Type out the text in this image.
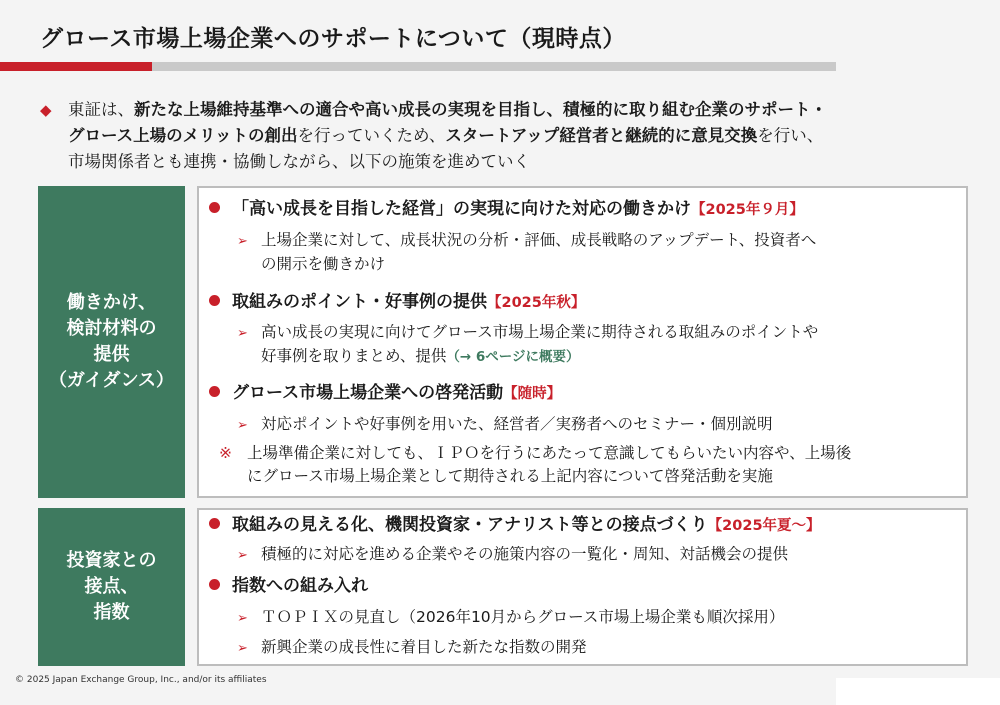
グロース市場上場企業へのサポートについて（現時点）
◆ 東証は、新たな上場維持基準への適合や高い成長の実現を目指し、積極的に取り組む企業のサポート・
グロース上場のメリットの創出を行っていくため、スタートアップ経営者と継続的に意見交換を行い、
市場関係者とも連携・協働しながら、以下の施策を進めていく
働きかけ、
検討材料の
提供
（ガイダンス）
「高い成長を目指した経営」の実現に向けた対応の働きかけ【2025年９月】
➢ 上場企業に対して、成長状況の分析・評価、成長戦略のアップデート、投資者へ
の開示を働きかけ
取組みのポイント・好事例の提供【2025年秋】
➢ 高い成長の実現に向けてグロース市場上場企業に期待される取組みのポイントや
好事例を取りまとめ、提供（→ 6ページに概要）
グロース市場上場企業への啓発活動【随時】
➢ 対応ポイントや好事例を用いた、経営者／実務者へのセミナー・個別説明
※ 上場準備企業に対しても、ＩＰＯを行うにあたって意識してもらいたい内容や、上場後
にグロース市場上場企業として期待される上記内容について啓発活動を実施
投資家との
接点、
指数
取組みの見える化、機関投資家・アナリスト等との接点づくり【2025年夏～】
➢ 積極的に対応を進める企業やその施策内容の一覧化・周知、対話機会の提供
指数への組み入れ
➢ ＴＯＰＩＸの見直し（2026年10月からグロース市場上場企業も順次採用）
➢ 新興企業の成長性に着目した新たな指数の開発
© 2025 Japan Exchange Group, Inc., and/or its affiliates
